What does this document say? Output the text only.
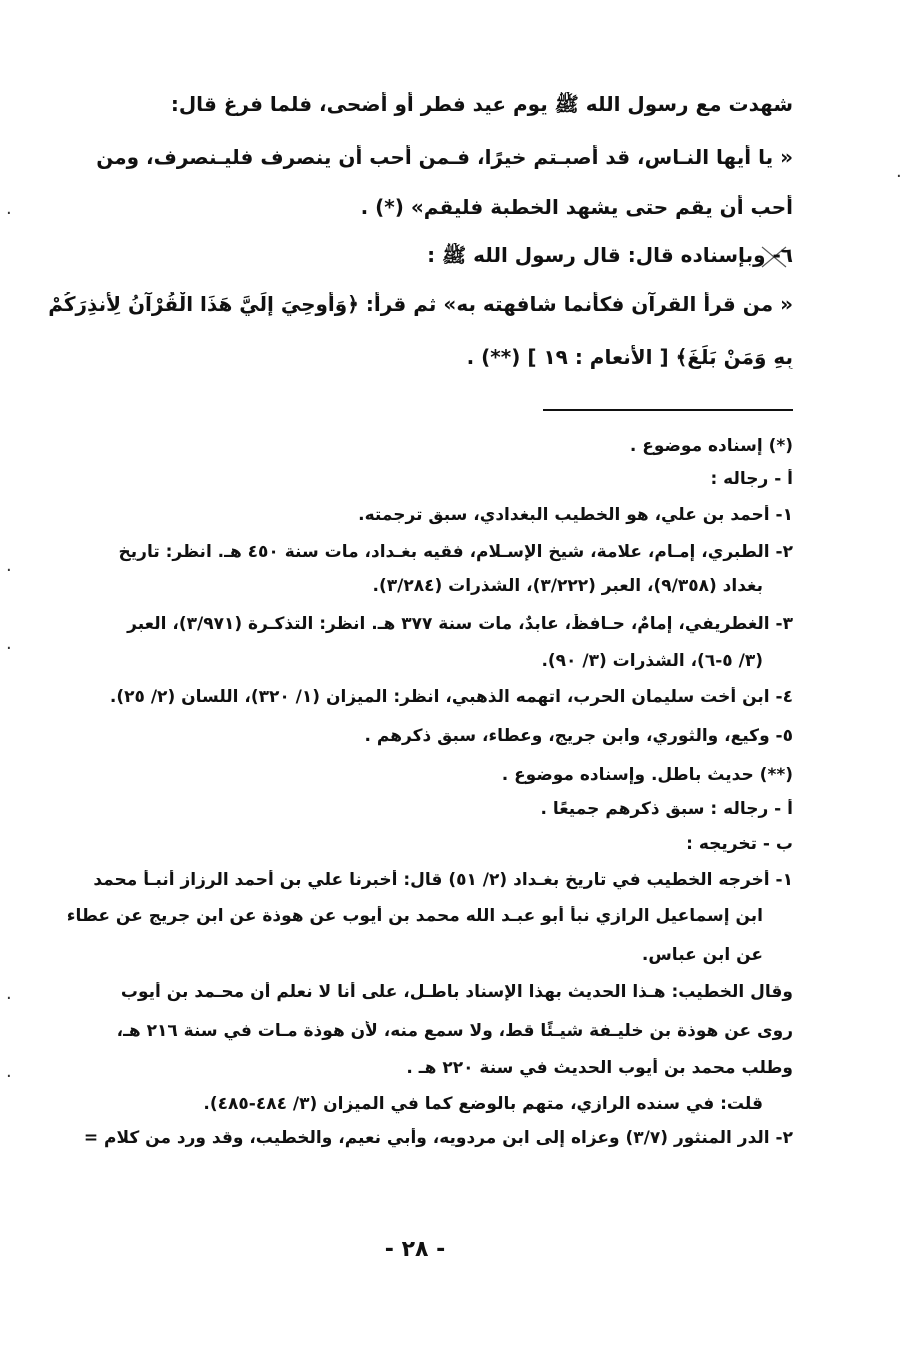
شهدت مع رسول الله ﷺ يوم عيد فطر أو أضحى، فلما فرغ قال:
« يا أيها النـاس، قد أصبـتم خيرًا، فـمن أحب أن ينصرف فليـنصرف، ومن
أحب أن يقم حتى يشهد الخطبة فليقم» (*) .
٦- وبإسناده قال: قال رسول الله ﷺ :
« من قرأ القرآن فكأنما شافهته به» ثم قرأ: ﴿وَأُوحِيَ إِلَيَّ هَذَا الْقُرْآنُ لِأُنذِرَكُمْ
بِهِ وَمَنْ بَلَغَ﴾ [ الأنعام : ١٩ ] (**) .
(*) إسناده موضوع .
أ - رجاله :
١- أحمد بن علي، هو الخطيب البغدادي، سبق ترجمته.
٢- الطبري، إمـام، علامة، شيخ الإسـلام، فقيه بغـداد، مات سنة ٤٥٠ هـ. انظر: تاريخ
بغداد (٩/٣٥٨)، العبر (٣/٢٢٢)، الشذرات (٣/٢٨٤).
٣- الغطريفي، إمامٌ، حـافظٌ، عابدٌ، مات سنة ٣٧٧ هـ. انظر: التذكـرة (٣/٩٧١)، العبر
(٣/ ٥-٦)، الشذرات (٣/ ٩٠).
٤- ابن أخت سليمان الحرب، اتهمه الذهبي، انظر: الميزان (١/ ٣٢٠)، اللسان (٢/ ٢٥).
٥- وكيع، والثوري، وابن جريج، وعطاء، سبق ذكرهم .
(**) حديث باطل. وإسناده موضوع .
أ - رجاله : سبق ذكرهم جميعًا .
ب - تخريجه :
١- أخرجه الخطيب في تاريخ بغـداد (٢/ ٥١) قال: أخبرنا علي بن أحمد الرزاز أنبـأ محمد
ابن إسماعيل الرازي نبأ أبو عبـد الله محمد بن أيوب عن هوذة عن ابن جريج عن عطاء
عن ابن عباس.
وقال الخطيب: هـذا الحديث بهذا الإسناد باطـل، على أنا لا نعلم أن محـمد بن أيوب
روى عن هوذة بن خليـفة شيـئًا قط، ولا سمع منه، لأن هوذة مـات في سنة ٢١٦ هـ،
وطلب محمد بن أيوب الحديث في سنة ٢٢٠ هـ .
قلت: في سنده الرازي، متهم بالوضع كما في الميزان (٣/ ٤٨٤-٤٨٥).
٢- الدر المنثور (٣/٧) وعزاه إلى ابن مردويه، وأبي نعيم، والخطيب، وقد ورد من كلام =
- ٢٨ -
·
·
·
·
·
·
